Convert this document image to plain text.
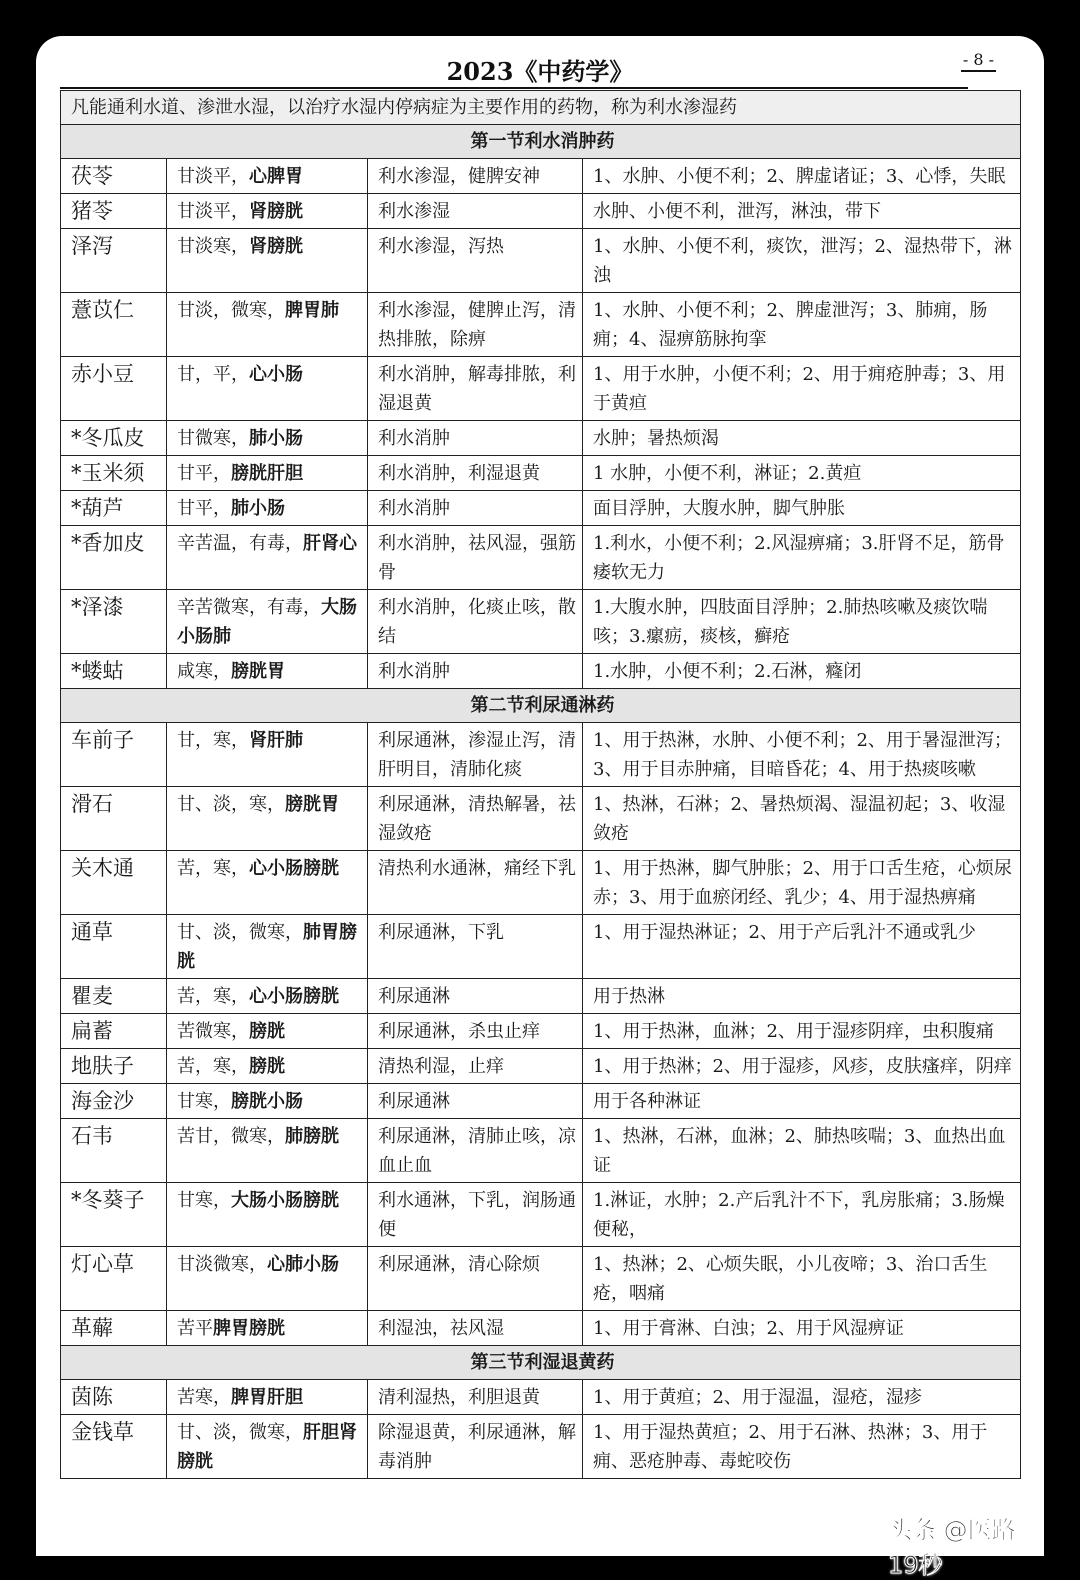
2023《中药学》	- 8 -
凡能通利水道、渗泄水湿，以治疗水湿内停病症为主要作用的药物，称为利水渗湿药			
第一节利水消肿药			
茯苓	甘淡平，心脾胃	利水渗湿，健脾安神	1、水肿、小便不利；2、脾虚诸证；3、心悸，失眠
猪苓	甘淡平，肾膀胱	利水渗湿	水肿、小便不利，泄泻，淋浊，带下
泽泻	甘淡寒，肾膀胱	利水渗湿，泻热	1、水肿、小便不利，痰饮，泄泻；2、湿热带下，淋浊
薏苡仁	甘淡，微寒，脾胃肺	利水渗湿，健脾止泻，清热排脓，除痹	1、水肿、小便不利；2、脾虚泄泻；3、肺痈，肠痈；4、湿痹筋脉拘挛
赤小豆	甘，平，心小肠	利水消肿，解毒排脓，利湿退黄	1、用于水肿，小便不利；2、用于痈疮肿毒；3、用于黄疸
*冬瓜皮	甘微寒，肺小肠	利水消肿	水肿；暑热烦渴
*玉米须	甘平，膀胱肝胆	利水消肿，利湿退黄	1 水肿，小便不利，淋证；2.黄疸
*葫芦	甘平，肺小肠	利水消肿	面目浮肿，大腹水肿，脚气肿胀
*香加皮	辛苦温，有毒，肝肾心	利水消肿，祛风湿，强筋骨	1.利水，小便不利；2.风湿痹痛；3.肝肾不足，筋骨痿软无力
*泽漆	辛苦微寒，有毒，大肠小肠肺	利水消肿，化痰止咳，散结	1.大腹水肿，四肢面目浮肿；2.肺热咳嗽及痰饮喘咳；3.瘰疬，痰核，癣疮
*蝼蛄	咸寒，膀胱胃	利水消肿	1.水肿，小便不利；2.石淋，癃闭
第二节利尿通淋药			
车前子	甘，寒，肾肝肺	利尿通淋，渗湿止泻，清肝明目，清肺化痰	1、用于热淋，水肿、小便不利；2、用于暑湿泄泻；3、用于目赤肿痛，目暗昏花；4、用于热痰咳嗽
滑石	甘、淡，寒，膀胱胃	利尿通淋，清热解暑，祛湿敛疮	1、热淋，石淋；2、暑热烦渴、湿温初起；3、收湿敛疮
关木通	苦，寒，心小肠膀胱	清热利水通淋，痛经下乳	1、用于热淋，脚气肿胀；2、用于口舌生疮，心烦尿赤；3、用于血瘀闭经、乳少；4、用于湿热痹痛
通草	甘、淡，微寒，肺胃膀胱	利尿通淋，下乳	1、用于湿热淋证；2、用于产后乳汁不通或乳少
瞿麦	苦，寒，心小肠膀胱	利尿通淋	用于热淋
扁蓄	苦微寒，膀胱	利尿通淋，杀虫止痒	1、用于热淋，血淋；2、用于湿疹阴痒，虫积腹痛
地肤子	苦，寒，膀胱	清热利湿，止痒	1、用于热淋；2、用于湿疹，风疹，皮肤瘙痒，阴痒
海金沙	甘寒，膀胱小肠	利尿通淋	用于各种淋证
石韦	苦甘，微寒，肺膀胱	利尿通淋，清肺止咳，凉血止血	1、热淋，石淋，血淋；2、肺热咳喘；3、血热出血证
*冬葵子	甘寒，大肠小肠膀胱	利水通淋，下乳，润肠通便	1.淋证，水肿；2.产后乳汁不下，乳房胀痛；3.肠燥便秘，
灯心草	甘淡微寒，心肺小肠	利尿通淋，清心除烦	1、热淋；2、心烦失眠，小儿夜啼；3、治口舌生疮，咽痛
革薢	苦平脾胃膀胱	利湿浊，祛风湿	1、用于膏淋、白浊；2、用于风湿痹证
第三节利湿退黄药			
茵陈	苦寒，脾胃肝胆	清利湿热，利胆退黄	1、用于黄疸；2、用于湿温，湿疮，湿疹
金钱草	甘、淡，微寒，肝胆肾膀胱	除湿退黄，利尿通淋，解毒消肿	1、用于湿热黄疸；2、用于石淋、热淋；3、用于痈、恶疮肿毒、毒蛇咬伤
头条 @医路19秒
